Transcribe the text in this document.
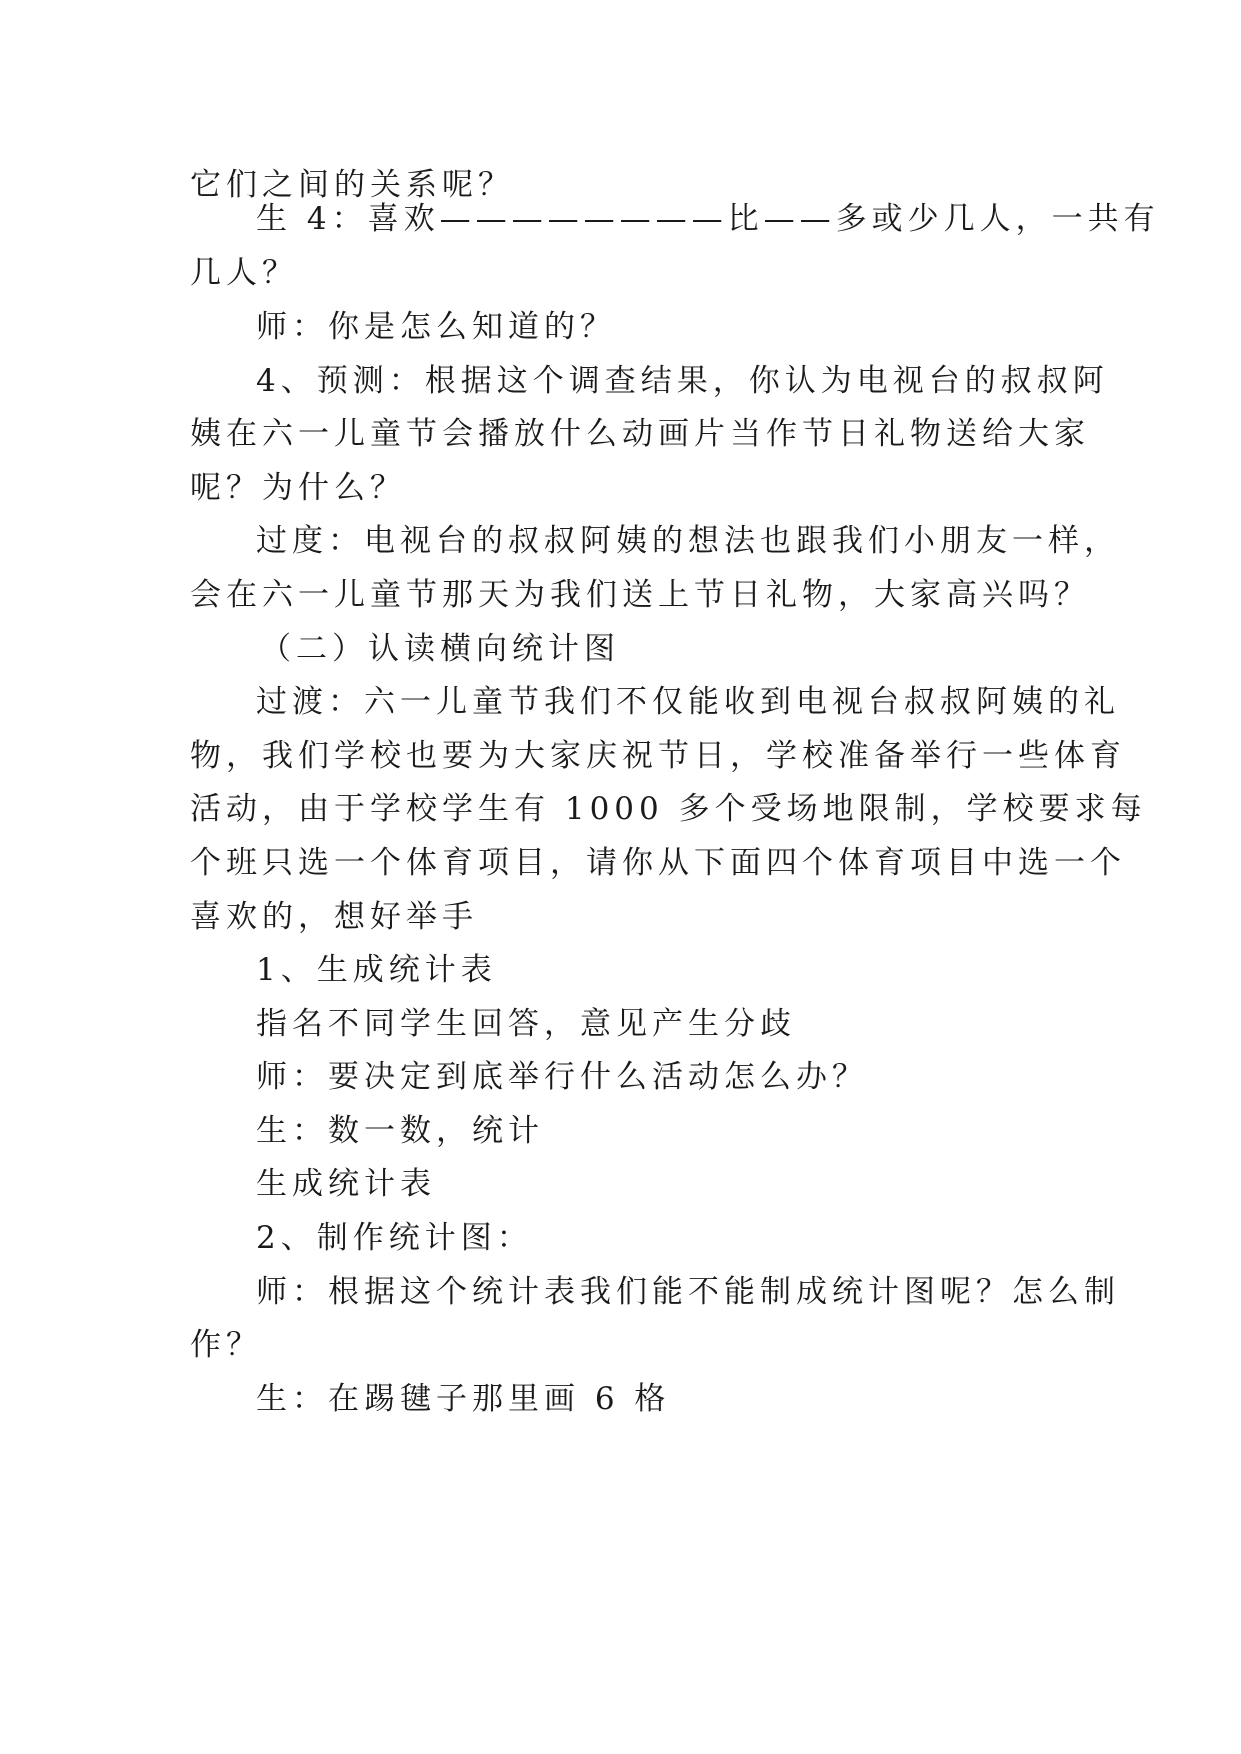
它们之间的关系呢？
生 4：喜欢————————比——多或少几人，一共有
几人？
师：你是怎么知道的？
4、预测：根据这个调查结果，你认为电视台的叔叔阿
姨在六一儿童节会播放什么动画片当作节日礼物送给大家
呢？为什么？
过度：电视台的叔叔阿姨的想法也跟我们小朋友一样，
会在六一儿童节那天为我们送上节日礼物，大家高兴吗？
（二）认读横向统计图
过渡：六一儿童节我们不仅能收到电视台叔叔阿姨的礼
物，我们学校也要为大家庆祝节日，学校准备举行一些体育
活动，由于学校学生有 1000 多个受场地限制，学校要求每
个班只选一个体育项目，请你从下面四个体育项目中选一个
喜欢的，想好举手
1、生成统计表
指名不同学生回答，意见产生分歧
师：要决定到底举行什么活动怎么办？
生：数一数，统计
生成统计表
2、制作统计图：
师：根据这个统计表我们能不能制成统计图呢？怎么制
作？
生：在踢毽子那里画 6 格
